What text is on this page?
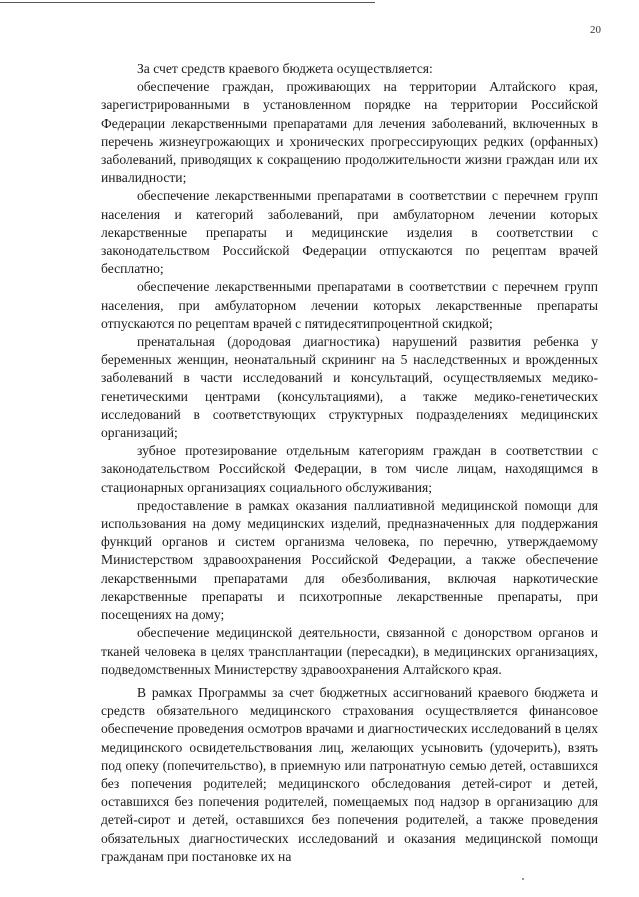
20

За счет средств краевого бюджета осуществляется:

обеспечение граждан, проживающих на территории Алтайского края, зарегистрированными в установленном порядке на территории Российской Федерации лекарственными препаратами для лечения заболеваний, включенных в перечень жизнеугрожающих и хронических прогрессирующих редких (орфанных) заболеваний, приводящих к сокращению продолжительности жизни граждан или их инвалидности;

обеспечение лекарственными препаратами в соответствии с перечнем групп населения и категорий заболеваний, при амбулаторном лечении которых лекарственные препараты и медицинские изделия в соответствии с законодательством Российской Федерации отпускаются по рецептам врачей бесплатно;

обеспечение лекарственными препаратами в соответствии с перечнем групп населения, при амбулаторном лечении которых лекарственные препараты отпускаются по рецептам врачей с пятидесятипроцентной скидкой;

пренатальная (дородовая диагностика) нарушений развития ребенка у беременных женщин, неонатальный скрининг на 5 наследственных и врожденных заболеваний в части исследований и консультаций, осуществляемых медико-генетическими центрами (консультациями), а также медико-генетических исследований в соответствующих структурных подразделениях медицинских организаций;

зубное протезирование отдельным категориям граждан в соответствии с законодательством Российской Федерации, в том числе лицам, находящимся в стационарных организациях социального обслуживания;

предоставление в рамках оказания паллиативной медицинской помощи для использования на дому медицинских изделий, предназначенных для поддержания функций органов и систем организма человека, по перечню, утверждаемому Министерством здравоохранения Российской Федерации, а также обеспечение лекарственными препаратами для обезболивания, включая наркотические лекарственные препараты и психотропные лекарственные препараты, при посещениях на дому;

обеспечение медицинской деятельности, связанной с донорством органов и тканей человека в целях трансплантации (пересадки), в медицинских организациях, подведомственных Министерству здравоохранения Алтайского края.

В рамках Программы за счет бюджетных ассигнований краевого бюджета и средств обязательного медицинского страхования осуществляется финансовое обеспечение проведения осмотров врачами и диагностических исследований в целях медицинского освидетельствования лиц, желающих усыновить (удочерить), взять под опеку (попечительство), в приемную или патронатную семью детей, оставшихся без попечения родителей; медицинского обследования детей-сирот и детей, оставшихся без попечения родителей, помещаемых под надзор в организацию для детей-сирот и детей, оставшихся без попечения родителей, а также проведения обязательных диагностических исследований и оказания медицинской помощи гражданам при постановке их на
